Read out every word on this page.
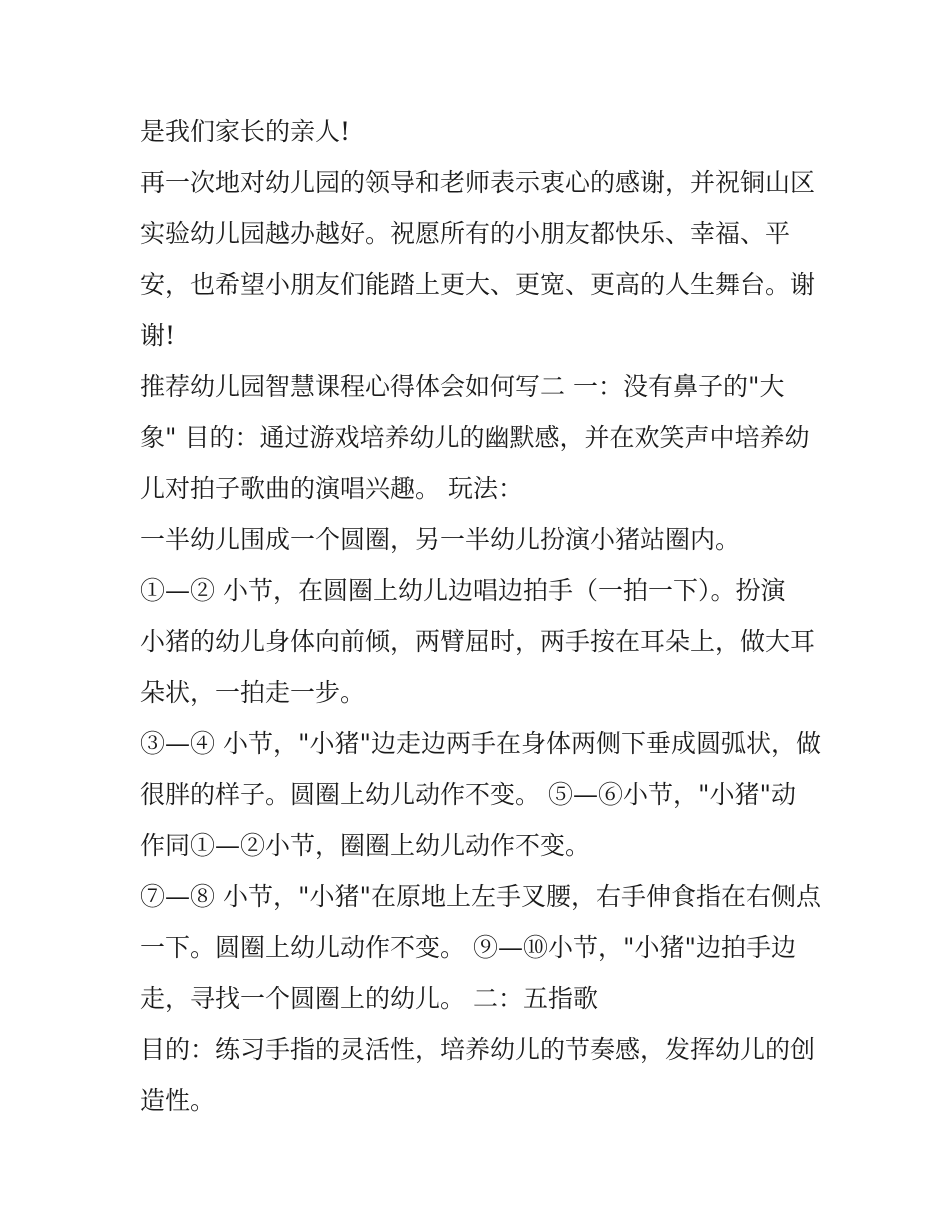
是我们家长的亲人!
再一次地对幼儿园的领导和老师表示衷心的感谢，并祝铜山区
实验幼儿园越办越好。祝愿所有的小朋友都快乐、幸福、平
安，也希望小朋友们能踏上更大、更宽、更高的人生舞台。谢
谢!
推荐幼儿园智慧课程心得体会如何写二 一：没有鼻子的"大
象" 目的：通过游戏培养幼儿的幽默感，并在欢笑声中培养幼
儿对拍子歌曲的演唱兴趣。 玩法：
一半幼儿围成一个圆圈，另一半幼儿扮演小猪站圈内。
①—② 小节，在圆圈上幼儿边唱边拍手（一拍一下）。扮演
小猪的幼儿身体向前倾，两臂屈时，两手按在耳朵上，做大耳
朵状，一拍走一步。
③—④ 小节，"小猪"边走边两手在身体两侧下垂成圆弧状，做
很胖的样子。圆圈上幼儿动作不变。 ⑤—⑥小节，"小猪"动
作同①—②小节，圈圈上幼儿动作不变。
⑦—⑧ 小节，"小猪"在原地上左手叉腰，右手伸食指在右侧点
一下。圆圈上幼儿动作不变。 ⑨—⑩小节，"小猪"边拍手边
走，寻找一个圆圈上的幼儿。 二：五指歌
目的：练习手指的灵活性，培养幼儿的节奏感，发挥幼儿的创
造性。
